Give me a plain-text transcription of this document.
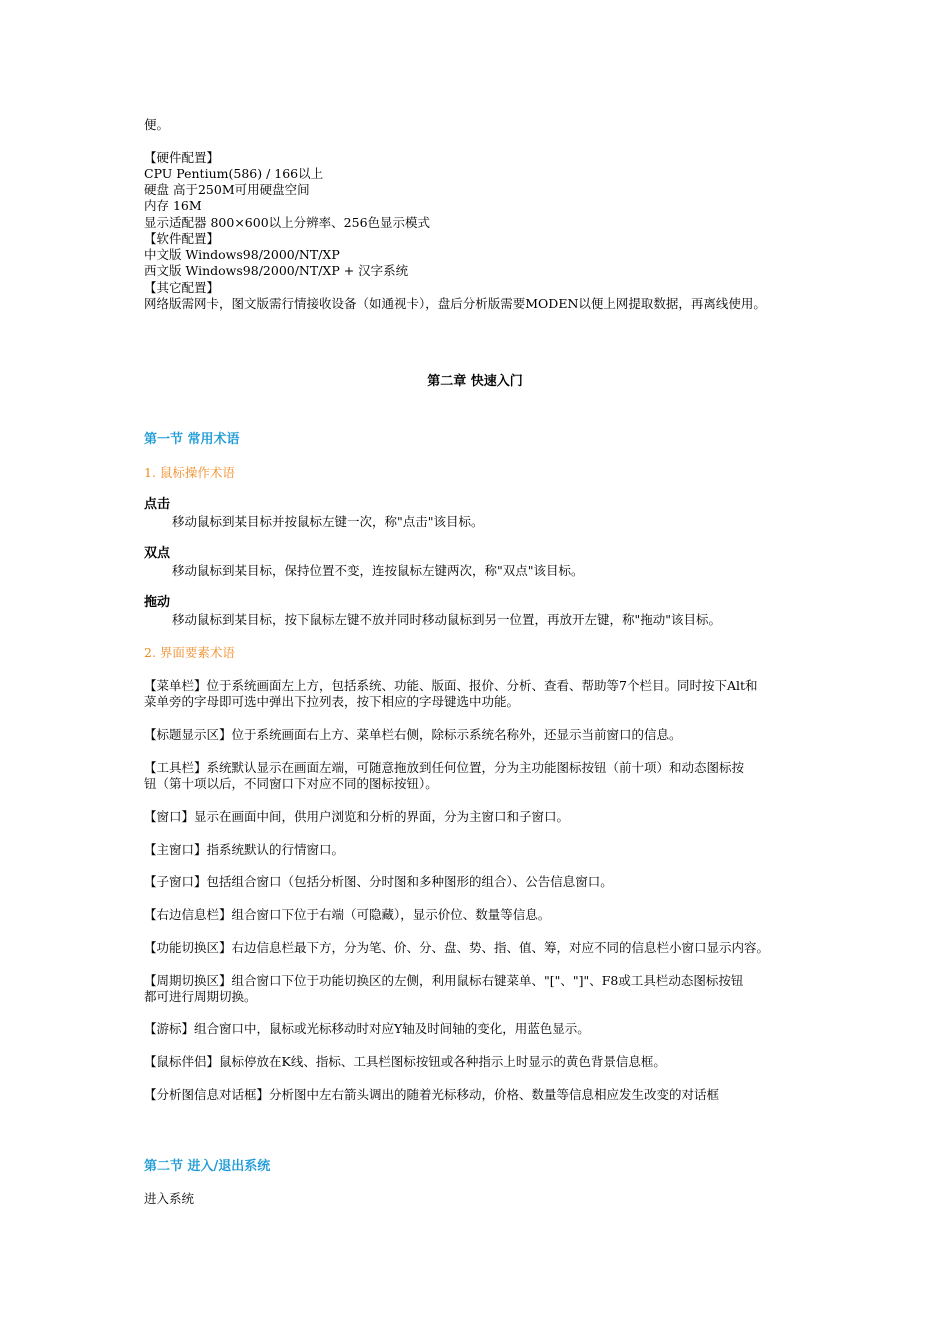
便。
【硬件配置】
CPU Pentium(586) / 166以上
硬盘 高于250M可用硬盘空间
内存 16M
显示适配器 800×600以上分辨率、256色显示模式
【软件配置】
中文版 Windows98/2000/NT/XP
西文版 Windows98/2000/NT/XP + 汉字系统
【其它配置】
网络版需网卡，图文版需行情接收设备（如通视卡），盘后分析版需要MODEN以便上网提取数据，再离线使用。
第二章 快速入门
第一节 常用术语
1. 鼠标操作术语
点击
移动鼠标到某目标并按鼠标左键一次，称"点击"该目标。
双点
移动鼠标到某目标，保持位置不变，连按鼠标左键两次，称"双点"该目标。
拖动
移动鼠标到某目标，按下鼠标左键不放并同时移动鼠标到另一位置，再放开左键，称"拖动"该目标。
2. 界面要素术语
【菜单栏】位于系统画面左上方，包括系统、功能、版面、报价、分析、查看、帮助等7个栏目。同时按下Alt和
菜单旁的字母即可选中弹出下拉列表，按下相应的字母键选中功能。
【标题显示区】位于系统画面右上方、菜单栏右侧，除标示系统名称外，还显示当前窗口的信息。
【工具栏】系统默认显示在画面左端，可随意拖放到任何位置，分为主功能图标按钮（前十项）和动态图标按
钮（第十项以后，不同窗口下对应不同的图标按钮）。
【窗口】显示在画面中间，供用户浏览和分析的界面，分为主窗口和子窗口。
【主窗口】指系统默认的行情窗口。
【子窗口】包括组合窗口（包括分析图、分时图和多种图形的组合）、公告信息窗口。
【右边信息栏】组合窗口下位于右端（可隐藏），显示价位、数量等信息。
【功能切换区】右边信息栏最下方，分为笔、价、分、盘、势、指、值、筹，对应不同的信息栏小窗口显示内容。
【周期切换区】组合窗口下位于功能切换区的左侧，利用鼠标右键菜单、"["、"]"、F8或工具栏动态图标按钮
都可进行周期切换。
【游标】组合窗口中，鼠标或光标移动时对应Y轴及时间轴的变化，用蓝色显示。
【鼠标伴侣】鼠标停放在K线、指标、工具栏图标按钮或各种指示上时显示的黄色背景信息框。
【分析图信息对话框】分析图中左右箭头调出的随着光标移动，价格、数量等信息相应发生改变的对话框
第二节 进入/退出系统
进入系统
